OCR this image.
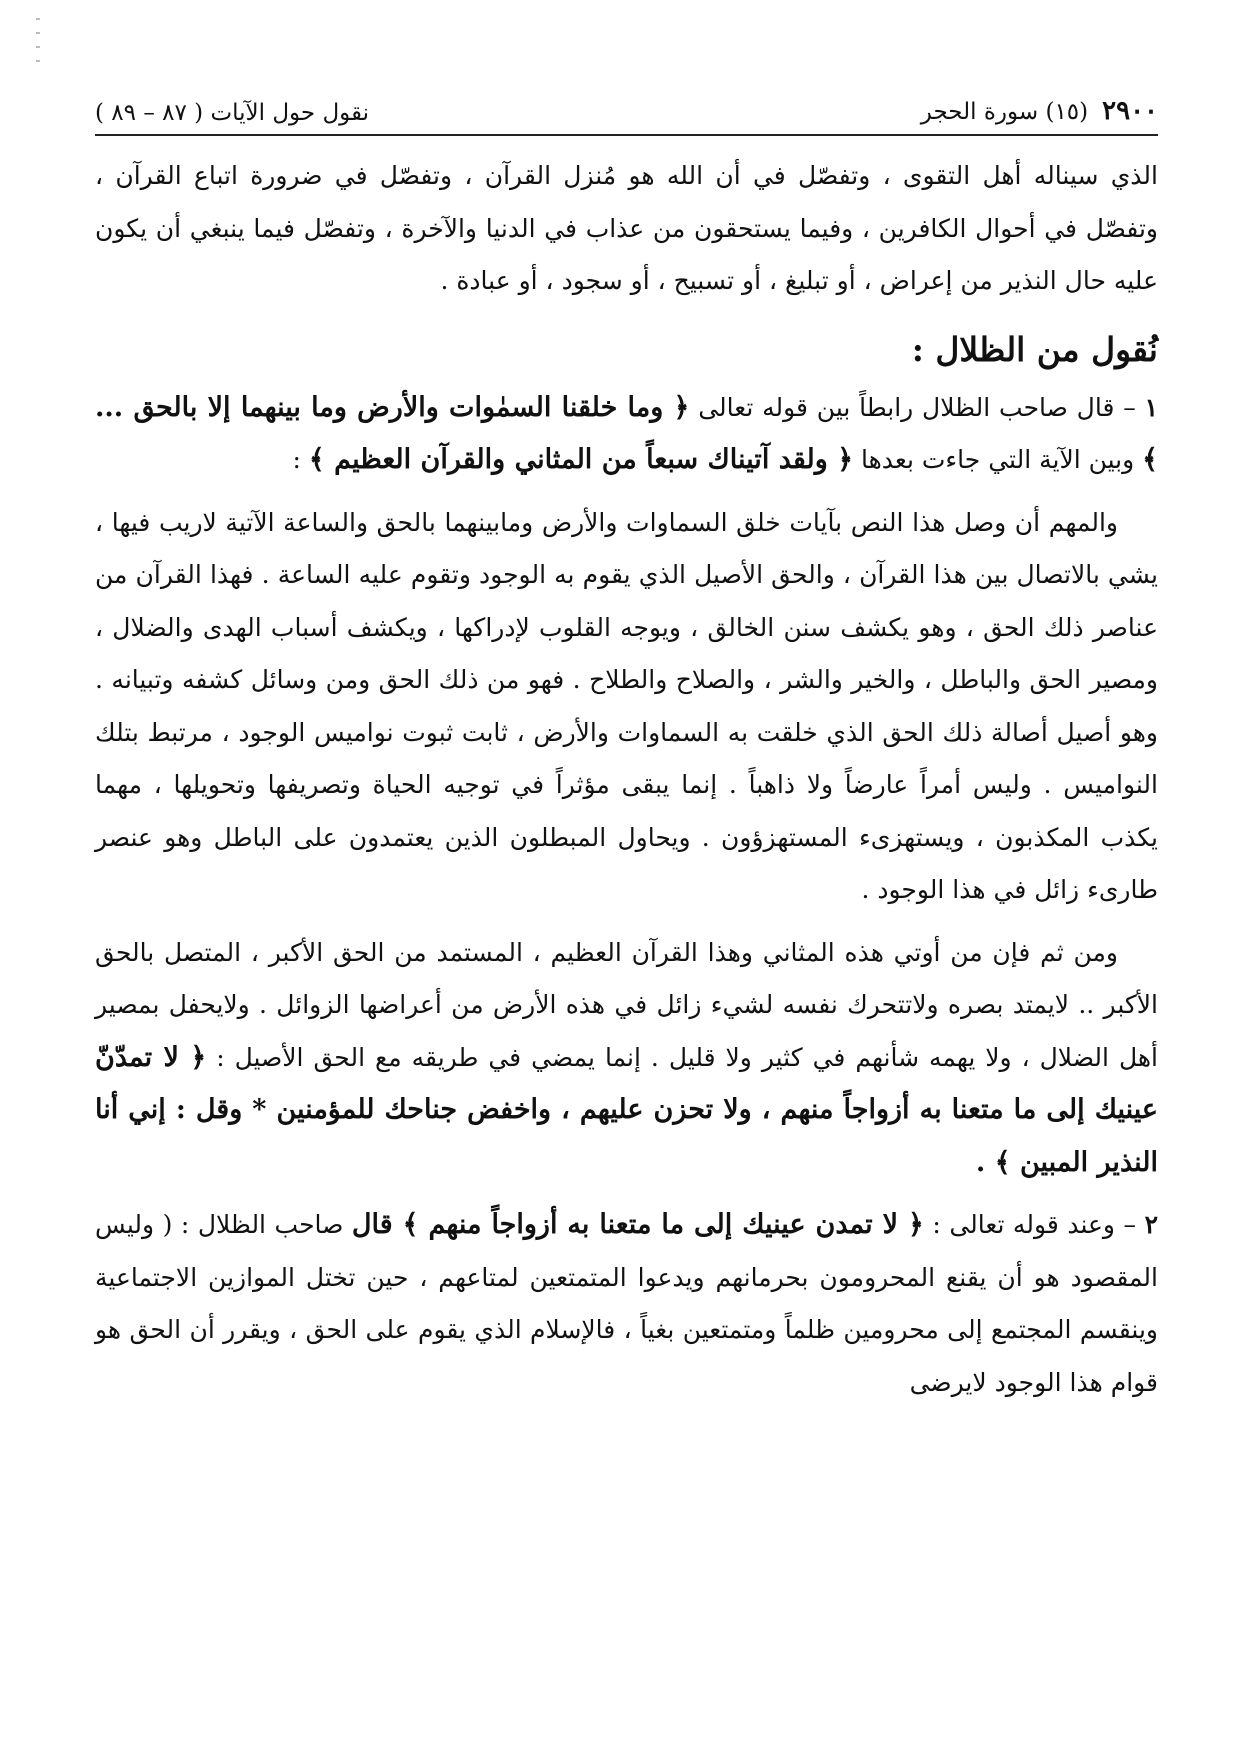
٢٩٠٠
(١٥) سورة الحجر
نقول حول الآيات ( ٨٧ – ٨٩ )

الذي سيناله أهل التقوى ، وتفصّل في أن الله هو مُنزل القرآن ، وتفصّل في ضرورة اتباع القرآن ، وتفصّل في أحوال الكافرين ، وفيما يستحقون من عذاب في الدنيا والآخرة ، وتفصّل فيما ينبغي أن يكون عليه حال النذير من إعراض ، أو تبليغ ، أو تسبيح ، أو سجود ، أو عبادة .

نُقول من الظلال :

١ – قال صاحب الظلال رابطاً بين قوله تعالى ﴿ وما خلقنا السمٰوات والأرض وما بينهما إلا بالحق ... ﴾ وبين الآية التي جاءت بعدها ﴿ ولقد آتيناك سبعاً من المثاني والقرآن العظيم ﴾ :

والمهم أن وصل هذا النص بآيات خلق السماوات والأرض ومابينهما بالحق والساعة الآتية لاريب فيها ، يشي بالاتصال بين هذا القرآن ، والحق الأصيل الذي يقوم به الوجود وتقوم عليه الساعة . فهذا القرآن من عناصر ذلك الحق ، وهو يكشف سنن الخالق ، ويوجه القلوب لإدراكها ، ويكشف أسباب الهدى والضلال ، ومصير الحق والباطل ، والخير والشر ، والصلاح والطلاح . فهو من ذلك الحق ومن وسائل كشفه وتبيانه . وهو أصيل أصالة ذلك الحق الذي خلقت به السماوات والأرض ، ثابت ثبوت نواميس الوجود ، مرتبط بتلك النواميس . وليس أمراً عارضاً ولا ذاهباً . إنما يبقى مؤثراً في توجيه الحياة وتصريفها وتحويلها ، مهما يكذب المكذبون ، ويستهزىء المستهزؤون . ويحاول المبطلون الذين يعتمدون على الباطل وهو عنصر طارىء زائل في هذا الوجود .

ومن ثم فإن من أوتي هذه المثاني وهذا القرآن العظيم ، المستمد من الحق الأكبر ، المتصل بالحق الأكبر .. لايمتد بصره ولاتتحرك نفسه لشيء زائل في هذه الأرض من أعراضها الزوائل . ولايحفل بمصير أهل الضلال ، ولا يهمه شأنهم في كثير ولا قليل . إنما يمضي في طريقه مع الحق الأصيل : ﴿ لا تمدّنّ عينيك إلى ما متعنا به أزواجاً منهم ، ولا تحزن عليهم ، واخفض جناحك للمؤمنين * وقل : إني أنا النذير المبين ﴾ .

٢ – وعند قوله تعالى : ﴿ لا تمدن عينيك إلى ما متعنا به أزواجاً منهم ﴾ قال صاحب الظلال : ( وليس المقصود هو أن يقنع المحرومون بحرمانهم ويدعوا المتمتعين لمتاعهم ، حين تختل الموازين الاجتماعية وينقسم المجتمع إلى محرومين ظلماً ومتمتعين بغياً ، فالإسلام الذي يقوم على الحق ، ويقرر أن الحق هو قوام هذا الوجود لايرضى
